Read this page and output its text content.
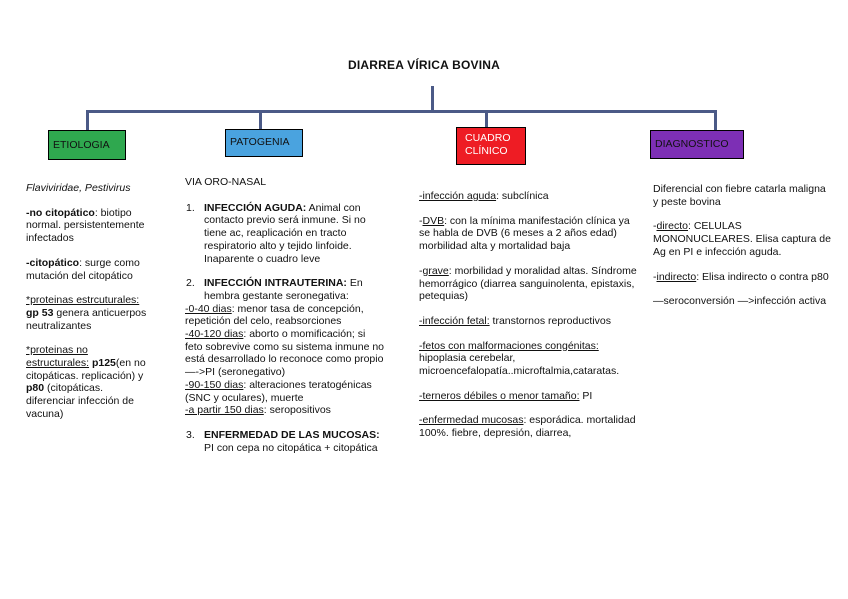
DIARREA VÍRICA BOVINA
ETIOLOGIA	PATOGENIA	CUADRO
CLÍNICO
DIAGNOSTICO

Flaviviridae, Pestivirus

-no citopático: biotipo normal. persistentemente infectados

-citopático: surge como mutación del citopático

*proteinas estrcuturales: gp 53 genera anticuerpos neutralizantes

*proteinas no estructurales: p125(en no citopáticas. replicación) y p80 (citopáticas. diferenciar infección de vacuna)

VIA ORO-NASAL

1. INFECCIÓN AGUDA: Animal con contacto previo será inmune. Si no tiene ac, reaplicación en tracto respiratorio alto y tejido linfoide. Inaparente o cuadro leve
2. INFECCIÓN INTRAUTERINA: En hembra gestante seronegativa:
-0-40 dias: menor tasa de concepción, repetición del celo, reabsorciones
-40-120 dias: aborto o momificación; si feto sobrevive como su sistema inmune no está desarrollado lo reconoce como propio —->PI (seronegativo)
-90-150 dias: alteraciones teratogénicas (SNC y oculares), muerte
-a partir 150 dias: seropositivos
3. ENFERMEDAD DE LAS MUCOSAS:
PI con cepa no citopática + citopática

-infección aguda: subclínica

-DVB: con la mínima manifestación clínica ya se habla de DVB (6 meses a 2 años edad) morbilidad alta y mortalidad baja

-grave: morbilidad y moralidad altas. Síndrome hemorrágico (diarrea sanguinolenta, epistaxis, petequias)

-infección fetal: transtornos reproductivos

-fetos con malformaciones congénitas:
hipoplasia cerebelar, microencefalopatía..microftalmia,cataratas.

-terneros débiles o menor tamaño: PI

-enfermedad mucosas: esporádica. mortalidad 100%. fiebre, depresión, diarrea,

Diferencial con fiebre catarla maligna y peste bovina

-directo: CELULAS MONONUCLEARES. Elisa captura de Ag en PI e infección aguda.

-indirecto: Elisa indirecto o contra p80

—seroconversión —>infección activa
